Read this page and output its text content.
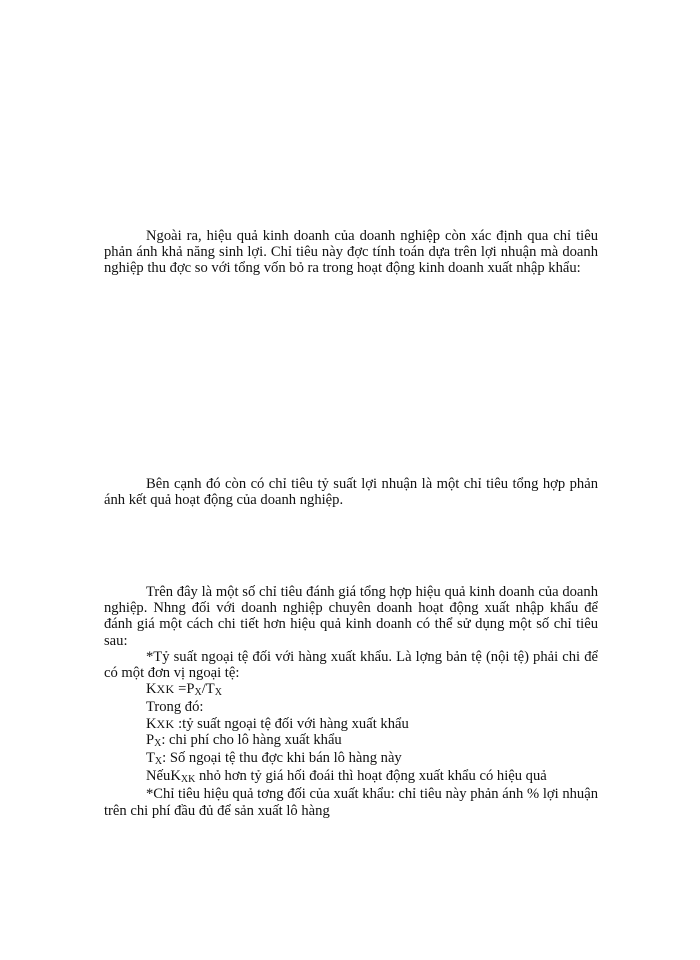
Ngoài ra, hiệu quả kinh doanh của doanh nghiệp còn xác định qua chỉ tiêu phản ánh khả năng sinh lợi. Chỉ tiêu này đợc tính toán dựa trên lợi nhuận mà doanh nghiệp thu đợc so với tổng vốn bỏ ra trong hoạt động kinh doanh xuất nhập khẩu:

Bên cạnh đó còn có chỉ tiêu tỷ suất lợi nhuận là một chỉ tiêu tổng hợp phản ánh kết quả hoạt động của doanh nghiệp.

Trên đây là một số chỉ tiêu đánh giá tổng hợp hiệu quả kinh doanh của doanh nghiệp. Nhng đối với doanh nghiệp chuyên doanh hoạt động xuất nhập khẩu để đánh giá một cách chi tiết hơn hiệu quả kinh doanh có thể sử dụng một số chỉ tiêu sau:

*Tỷ suất ngoại tệ đối với hàng xuất khẩu. Là lợng bản tệ (nội tệ) phải chi để có một đơn vị ngoại tệ:

KXK $=P_X/T_X$
Trong đó:
KXK :tỷ suất ngoại tệ đối với hàng xuất khẩu
$P_X$: chi phí cho lô hàng xuất khẩu
$T_X$: Số ngoại tệ thu đợc khi bán lô hàng này
NếuK$_{XK}$ nhỏ hơn tỷ giá hối đoái thì hoạt động xuất khẩu có hiệu quả

*Chỉ tiêu hiệu quả tơng đối của xuất khẩu: chỉ tiêu này phản ánh % lợi nhuận trên chi phí đầu đủ để sản xuất lô hàng
